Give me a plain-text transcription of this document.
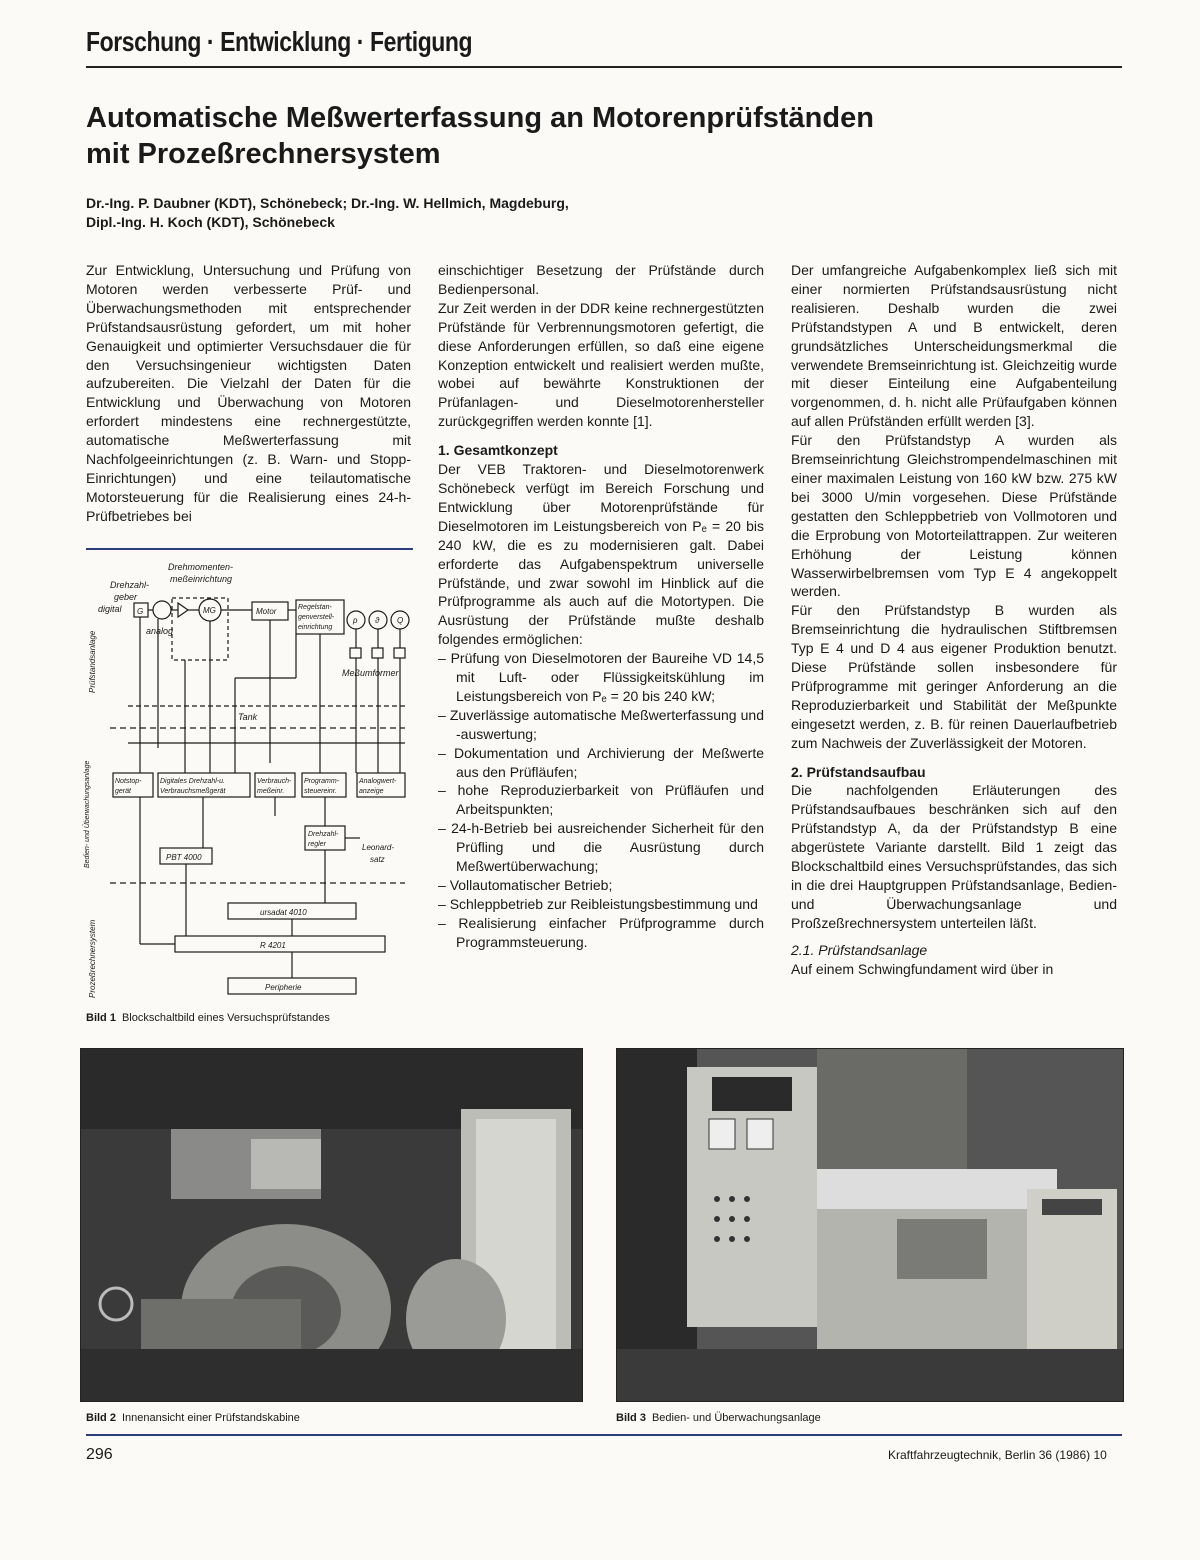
Forschung · Entwicklung · Fertigung
Automatische Meßwerterfassung an Motorenprüfständen
mit Prozeßrechnersystem
Dr.-Ing. P. Daubner (KDT), Schönebeck; Dr.-Ing. W. Hellmich, Magdeburg,
Dipl.-Ing. H. Koch (KDT), Schönebeck

Zur Entwicklung, Untersuchung und Prüfung von Motoren werden verbesserte Prüf- und Überwachungsmethoden mit entsprechender Prüfstandsausrüstung gefordert, um mit hoher Genauigkeit und optimierter Versuchsdauer die für den Versuchsingenieur wichtigsten Daten aufzubereiten. Die Vielzahl der Daten für die Entwicklung und Überwachung von Motoren erfordert mindestens eine rechnergestützte, automatische Meßwerterfassung mit Nachfolgeeinrichtungen (z. B. Warn- und Stopp-Einrichtungen) und eine teilautomatische Motorsteuerung für die Realisierung eines 24-h-Prüfbetriebes bei

Drehmomenten-
meßeinrichtung
Drehzahl-
geber
digital
analog
G	MG	Motor	Regelstan-
genverstell-
einrichtung
p ϑ Q
Meßumformer
Tank
Notstop-
gerät
Digitales Drehzahl-u.
Verbrauchsmeßgerät
Verbrauch-
meßeinr.
Programm-
steuereinr.
Analogwert-
anzeige
Drehzahl-
regler	Leonard-
satz
PBT 4000
ursadat 4010
R 4201
Peripherie
Prüfstandsanlage
Bedien- und Überwachungsanlage
Prozeßrechnersystem
Bild 1 Blockschaltbild eines Versuchsprüfstandes

einschichtiger Besetzung der Prüfstände durch Bedienpersonal.

Zur Zeit werden in der DDR keine rechnergestützten Prüfstände für Verbrennungsmotoren gefertigt, die diese Anforderungen erfüllen, so daß eine eigene Konzeption entwickelt und realisiert werden mußte, wobei auf bewährte Konstruktionen der Prüfanlagen- und Dieselmotorenhersteller zurückgegriffen werden konnte [1].

1. Gesamtkonzept

Der VEB Traktoren- und Dieselmotorenwerk Schönebeck verfügt im Bereich Forschung und Entwicklung über Motorenprüfstände für Dieselmotoren im Leistungsbereich von Pₑ = 20 bis 240 kW, die es zu modernisieren galt. Dabei erforderte das Aufgabenspektrum universelle Prüfstände, und zwar sowohl im Hinblick auf die Prüfprogramme als auch auf die Motortypen. Die Ausrüstung der Prüfstände mußte deshalb folgendes ermöglichen:

– Prüfung von Dieselmotoren der Baureihe VD 14,5 mit Luft- oder Flüssigkeitskühlung im Leistungsbereich von Pₑ = 20 bis 240 kW;
– Zuverlässige automatische Meßwerterfassung und -auswertung;
– Dokumentation und Archivierung der Meßwerte aus den Prüfläufen;
– hohe Reproduzierbarkeit von Prüfläufen und Arbeitspunkten;
– 24-h-Betrieb bei ausreichender Sicherheit für den Prüfling und die Ausrüstung durch Meßwertüberwachung;
– Vollautomatischer Betrieb;
– Schleppbetrieb zur Reibleistungsbestimmung und
– Realisierung einfacher Prüfprogramme durch Programmsteuerung.

Der umfangreiche Aufgabenkomplex ließ sich mit einer normierten Prüfstandsausrüstung nicht realisieren. Deshalb wurden die zwei Prüfstandstypen A und B entwickelt, deren grundsätzliches Unterscheidungsmerkmal die verwendete Bremseinrichtung ist. Gleichzeitig wurde mit dieser Einteilung eine Aufgabenteilung vorgenommen, d. h. nicht alle Prüfaufgaben können auf allen Prüfständen erfüllt werden [3].

Für den Prüfstandstyp A wurden als Bremseinrichtung Gleichstrompendelmaschinen mit einer maximalen Leistung von 160 kW bzw. 275 kW bei 3000 U/min vorgesehen. Diese Prüfstände gestatten den Schleppbetrieb von Vollmotoren und die Erprobung von Motorteilattrappen. Zur weiteren Erhöhung der Leistung können Wasserwirbelbremsen vom Typ E 4 angekoppelt werden.

Für den Prüfstandstyp B wurden als Bremseinrichtung die hydraulischen Stiftbremsen Typ E 4 und D 4 aus eigener Produktion benutzt. Diese Prüfstände sollen insbesondere für Prüfprogramme mit geringer Anforderung an die Reproduzierbarkeit und Stabilität der Meßpunkte eingesetzt werden, z. B. für reinen Dauerlaufbetrieb zum Nachweis der Zuverlässigkeit der Motoren.

2. Prüfstandsaufbau

Die nachfolgenden Erläuterungen des Prüfstandsaufbaues beschränken sich auf den Prüfstandstyp A, da der Prüfstandstyp B eine abgerüstete Variante darstellt. Bild 1 zeigt das Blockschaltbild eines Versuchsprüfstandes, das sich in die drei Hauptgruppen Prüfstandsanlage, Bedien- und Überwachungsanlage und Proßzeßrechnersystem unterteilen läßt.

2.1. Prüfstandsanlage

Auf einem Schwingfundament wird über in

Bild 2 Innenansicht einer Prüfstandskabine	Bild 3 Bedien- und Überwachungsanlage
296	Kraftfahrzeugtechnik, Berlin 36 (1986) 10
